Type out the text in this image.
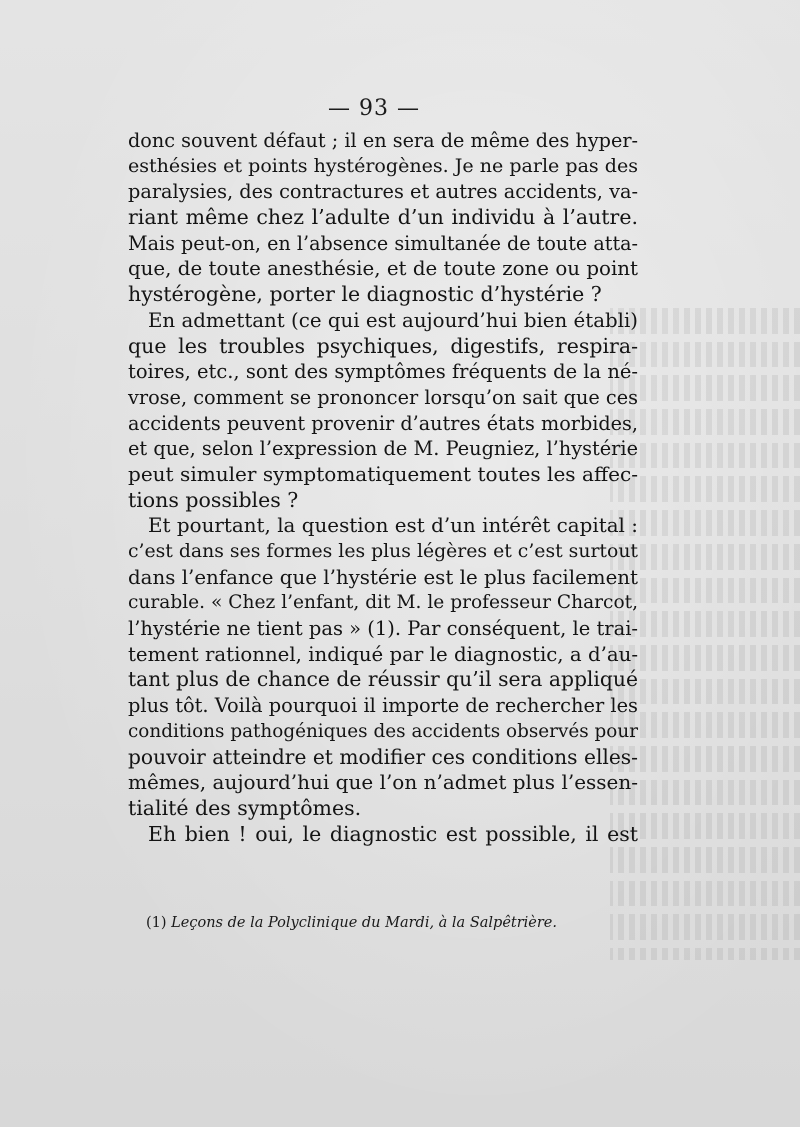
— 93 —
donc souvent défaut ; il en sera de même des hyper-
esthésies et points hystérogènes. Je ne parle pas des
paralysies, des contractures et autres accidents, va-
riant même chez l’adulte d’un individu à l’autre.
Mais peut-on, en l’absence simultanée de toute atta-
que, de toute anesthésie, et de toute zone ou point
hystérogène, porter le diagnostic d’hystérie ?
En admettant (ce qui est aujourd’hui bien établi)
que les troubles psychiques, digestifs, respira-
toires, etc., sont des symptômes fréquents de la né-
vrose, comment se prononcer lorsqu’on sait que ces
accidents peuvent provenir d’autres états morbides,
et que, selon l’expression de M. Peugniez, l’hystérie
peut simuler symptomatiquement toutes les affec-
tions possibles ?
Et pourtant, la question est d’un intérêt capital :
c’est dans ses formes les plus légères et c’est surtout
dans l’enfance que l’hystérie est le plus facilement
curable. « Chez l’enfant, dit M. le professeur Charcot,
l’hystérie ne tient pas » (1). Par conséquent, le trai-
tement rationnel, indiqué par le diagnostic, a d’au-
tant plus de chance de réussir qu’il sera appliqué
plus tôt. Voilà pourquoi il importe de rechercher les
conditions pathogéniques des accidents observés pour
pouvoir atteindre et modifier ces conditions elles-
mêmes, aujourd’hui que l’on n’admet plus l’essen-
tialité des symptômes.
Eh bien ! oui, le diagnostic est possible, il est
(1) Leçons de la Polyclinique du Mardi, à la Salpêtrière.
